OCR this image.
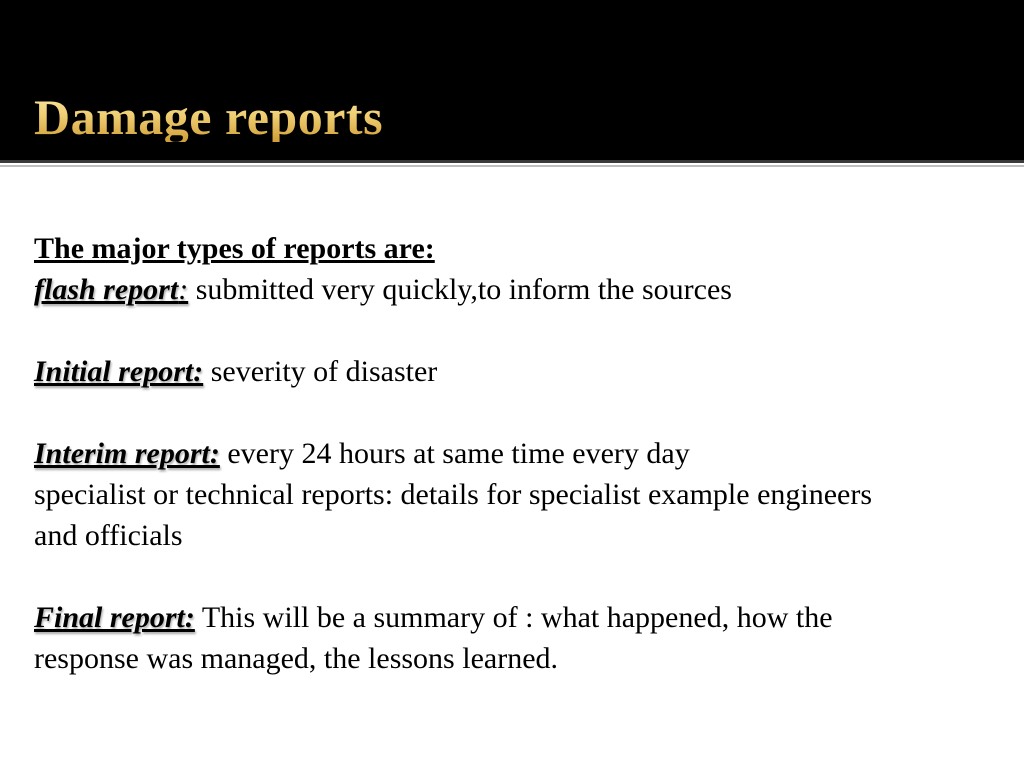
Damage reports
The major types of reports are:
flash report: submitted very quickly,to inform the sources
Initial report: severity of disaster
Interim report: every 24 hours at same time every day
specialist or technical reports: details for specialist example engineers
and officials
Final report: This will be a summary of : what happened, how the
response was managed, the lessons learned.
